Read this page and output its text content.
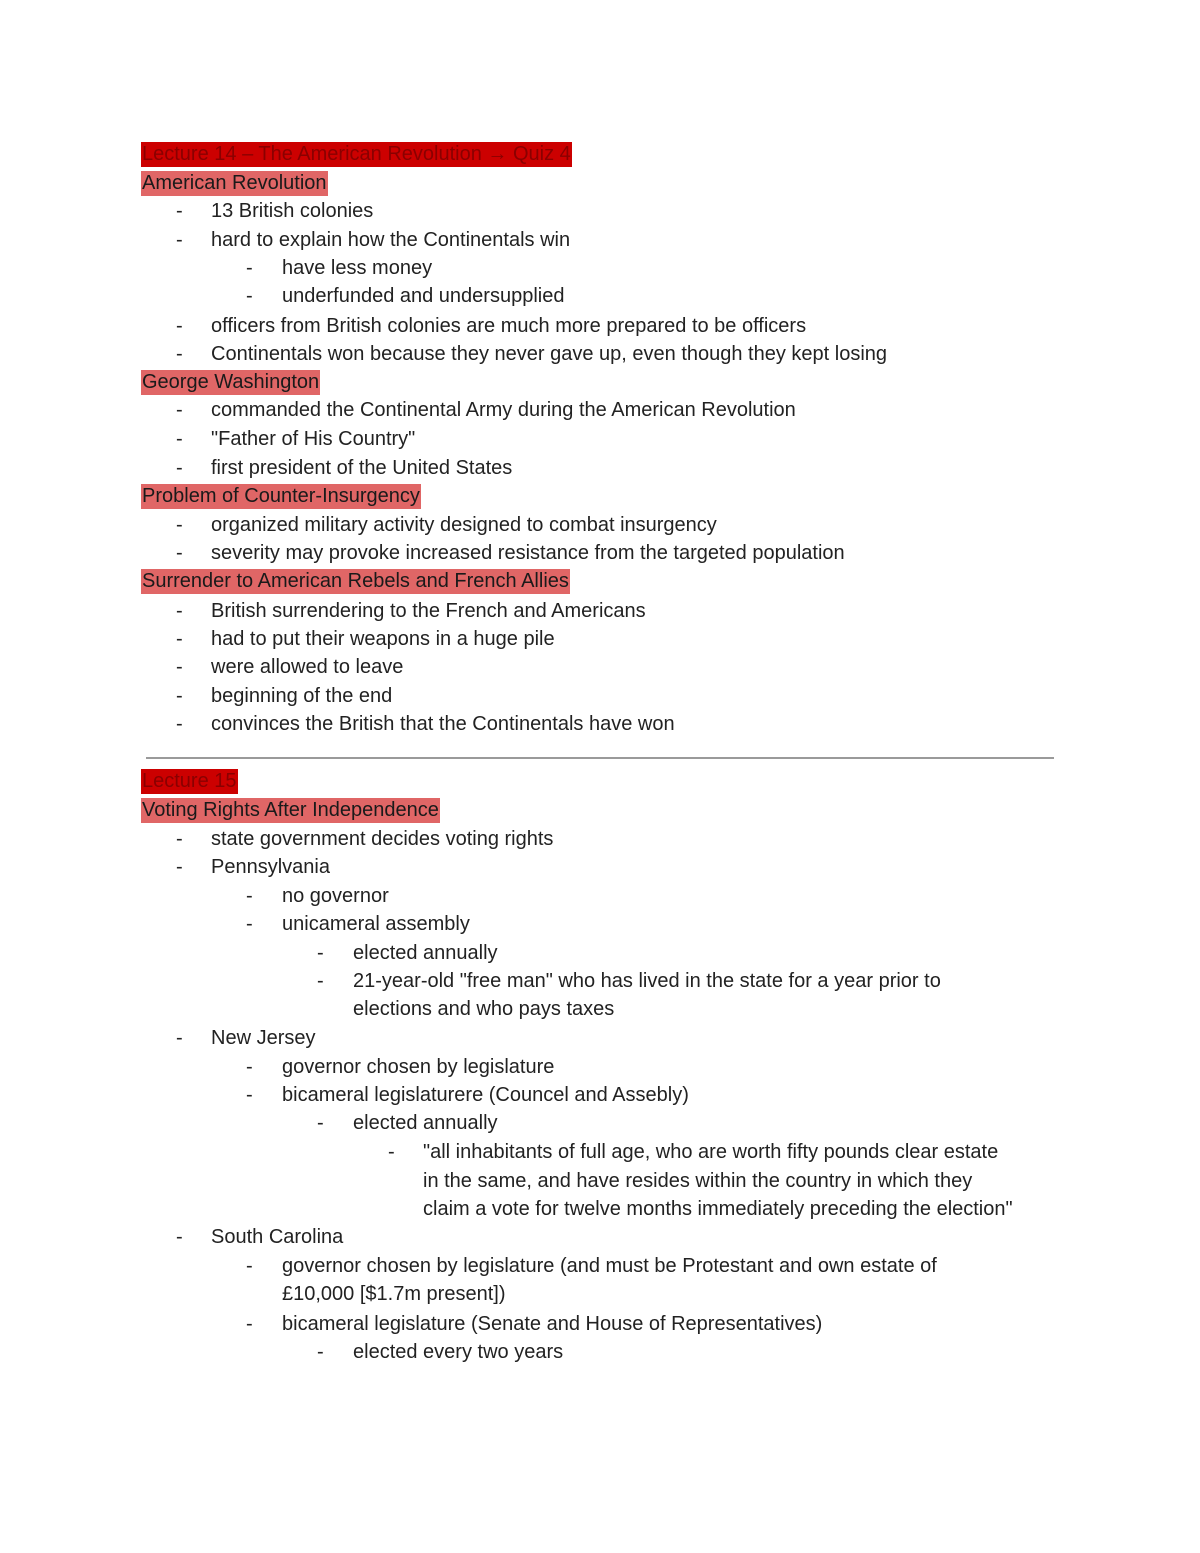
Lecture 14 – The American Revolution → Quiz 4
American Revolution
- 13 British colonies
- hard to explain how the Continentals win
- have less money
- underfunded and undersupplied
- officers from British colonies are much more prepared to be officers
- Continentals won because they never gave up, even though they kept losing
George Washington
- commanded the Continental Army during the American Revolution
- "Father of His Country"
- first president of the United States
Problem of Counter-Insurgency
- organized military activity designed to combat insurgency
- severity may provoke increased resistance from the targeted population
Surrender to American Rebels and French Allies
- British surrendering to the French and Americans
- had to put their weapons in a huge pile
- were allowed to leave
- beginning of the end
- convinces the British that the Continentals have won
Lecture 15
Voting Rights After Independence
- state government decides voting rights
- Pennsylvania
- no governor
- unicameral assembly
- elected annually
- 21-year-old "free man" who has lived in the state for a year prior to
elections and who pays taxes
- New Jersey
- governor chosen by legislature
- bicameral legislaturere (Councel and Assebly)
- elected annually
- "all inhabitants of full age, who are worth fifty pounds clear estate
in the same, and have resides within the country in which they
claim a vote for twelve months immediately preceding the election"
- South Carolina
- governor chosen by legislature (and must be Protestant and own estate of
£10,000 [$1.7m present])
- bicameral legislature (Senate and House of Representatives)
- elected every two years
